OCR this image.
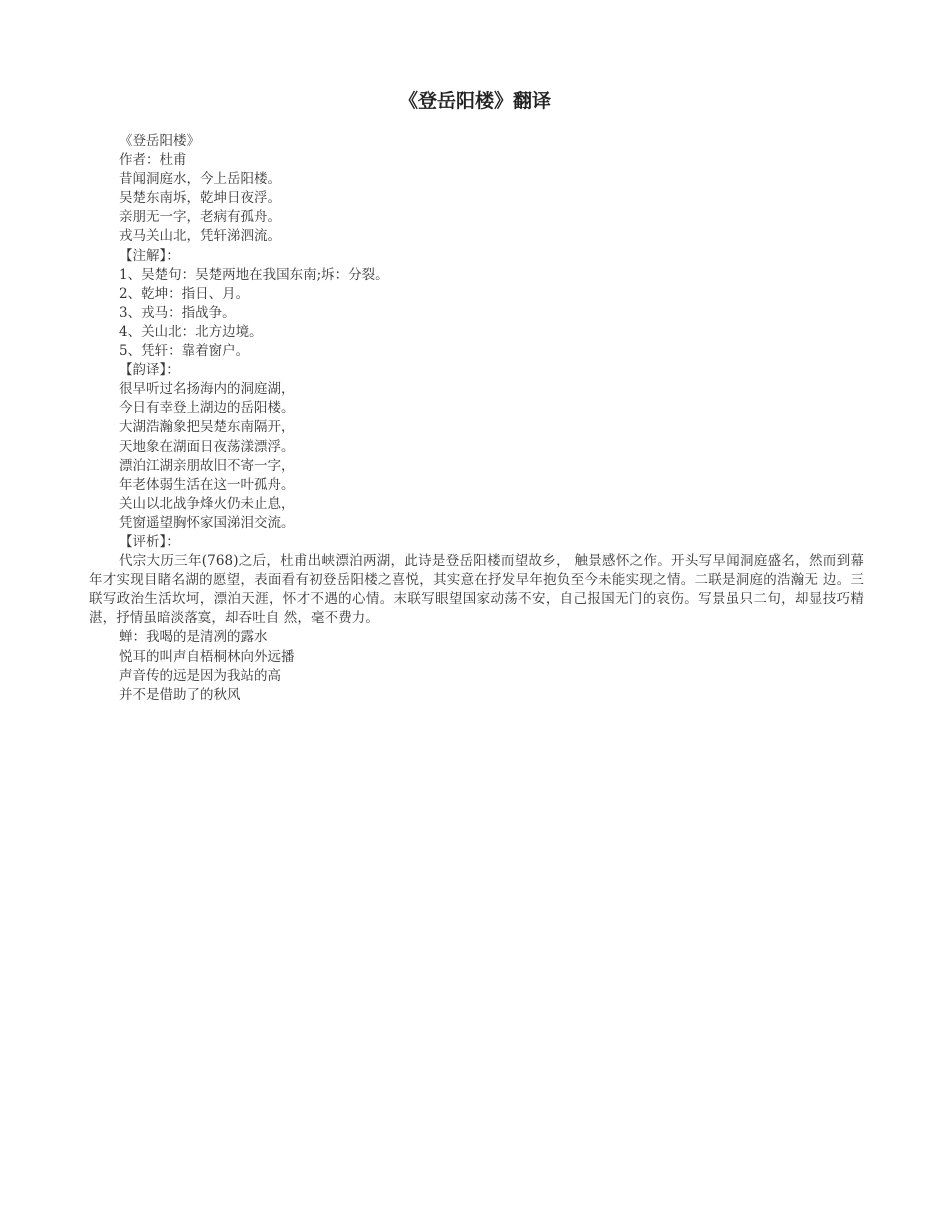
《登岳阳楼》翻译
《登岳阳楼》
作者：杜甫
昔闻洞庭水，今上岳阳楼。
吴楚东南坼，乾坤日夜浮。
亲朋无一字，老病有孤舟。
戎马关山北，凭轩涕泗流。
【注解】：
1、吴楚句：吴楚两地在我国东南;坼：分裂。
2、乾坤：指日、月。
3、戎马：指战争。
4、关山北：北方边境。
5、凭轩：靠着窗户。
【韵译】：
很早听过名扬海内的洞庭湖，
今日有幸登上湖边的岳阳楼。
大湖浩瀚象把吴楚东南隔开，
天地象在湖面日夜荡漾漂浮。
漂泊江湖亲朋故旧不寄一字，
年老体弱生活在这一叶孤舟。
关山以北战争烽火仍未止息，
凭窗遥望胸怀家国涕泪交流。
【评析】：
代宗大历三年(768)之后，杜甫出峡漂泊两湖，此诗是登岳阳楼而望故乡， 触景感怀之作。开头写早闻洞庭盛名，然而到幕年才实现目睹名湖的愿望，表面看有初登岳阳楼之喜悦，其实意在抒发早年抱负至今未能实现之情。二联是洞庭的浩瀚无 边。三联写政治生活坎坷，漂泊天涯，怀才不遇的心情。末联写眼望国家动荡不安，自己报国无门的哀伤。写景虽只二句，却显技巧精湛，抒情虽暗淡落寞，却吞吐自 然，毫不费力。
蝉：我喝的是清冽的露水
悦耳的叫声自梧桐林向外远播
声音传的远是因为我站的高
并不是借助了的秋风
